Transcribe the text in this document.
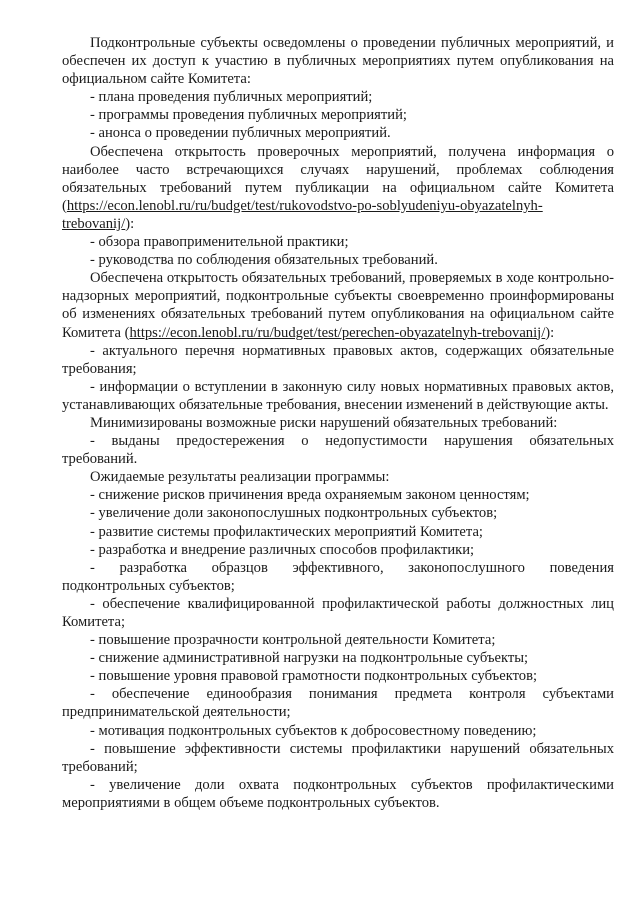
Подконтрольные субъекты осведомлены о проведении публичных мероприятий, и обеспечен их доступ к участию в публичных мероприятиях путем опубликования на официальном сайте Комитета:

- плана проведения публичных мероприятий;

- программы проведения публичных мероприятий;

- анонса о проведении публичных мероприятий.

Обеспечена открытость проверочных мероприятий, получена информация о наиболее часто встречающихся случаях нарушений, проблемах соблюдения обязательных требований путем публикации на официальном сайте Комитета (https://econ.lenobl.ru/ru/budget/test/rukovodstvo-po-soblyudeniyu-obyazatelnyh-trebovanij/):

- обзора правоприменительной практики;

- руководства по соблюдения обязательных требований.

Обеспечена открытость обязательных требований, проверяемых в ходе контрольно-надзорных мероприятий, подконтрольные субъекты своевременно проинформированы об изменениях обязательных требований путем опубликования на официальном сайте Комитета (https://econ.lenobl.ru/ru/budget/test/perechen-obyazatelnyh-trebovanij/):

- актуального перечня нормативных правовых актов, содержащих обязательные требования;

- информации о вступлении в законную силу новых нормативных правовых актов, устанавливающих обязательные требования, внесении изменений в действующие акты.

Минимизированы возможные риски нарушений обязательных требований:

- выданы предостережения о недопустимости нарушения обязательных требований.

Ожидаемые результаты реализации программы:

- снижение рисков причинения вреда охраняемым законом ценностям;

- увеличение доли законопослушных подконтрольных субъектов;

- развитие системы профилактических мероприятий Комитета;

- разработка и внедрение различных способов профилактики;

- разработка образцов эффективного, законопослушного поведения подконтрольных субъектов;

- обеспечение квалифицированной профилактической работы должностных лиц Комитета;

- повышение прозрачности контрольной деятельности Комитета;

- снижение административной нагрузки на подконтрольные субъекты;

- повышение уровня правовой грамотности подконтрольных субъектов;

- обеспечение единообразия понимания предмета контроля субъектами предпринимательской деятельности;

- мотивация подконтрольных субъектов к добросовестному поведению;

- повышение эффективности системы профилактики нарушений обязательных требований;

- увеличение доли охвата подконтрольных субъектов профилактическими мероприятиями в общем объеме подконтрольных субъектов.
